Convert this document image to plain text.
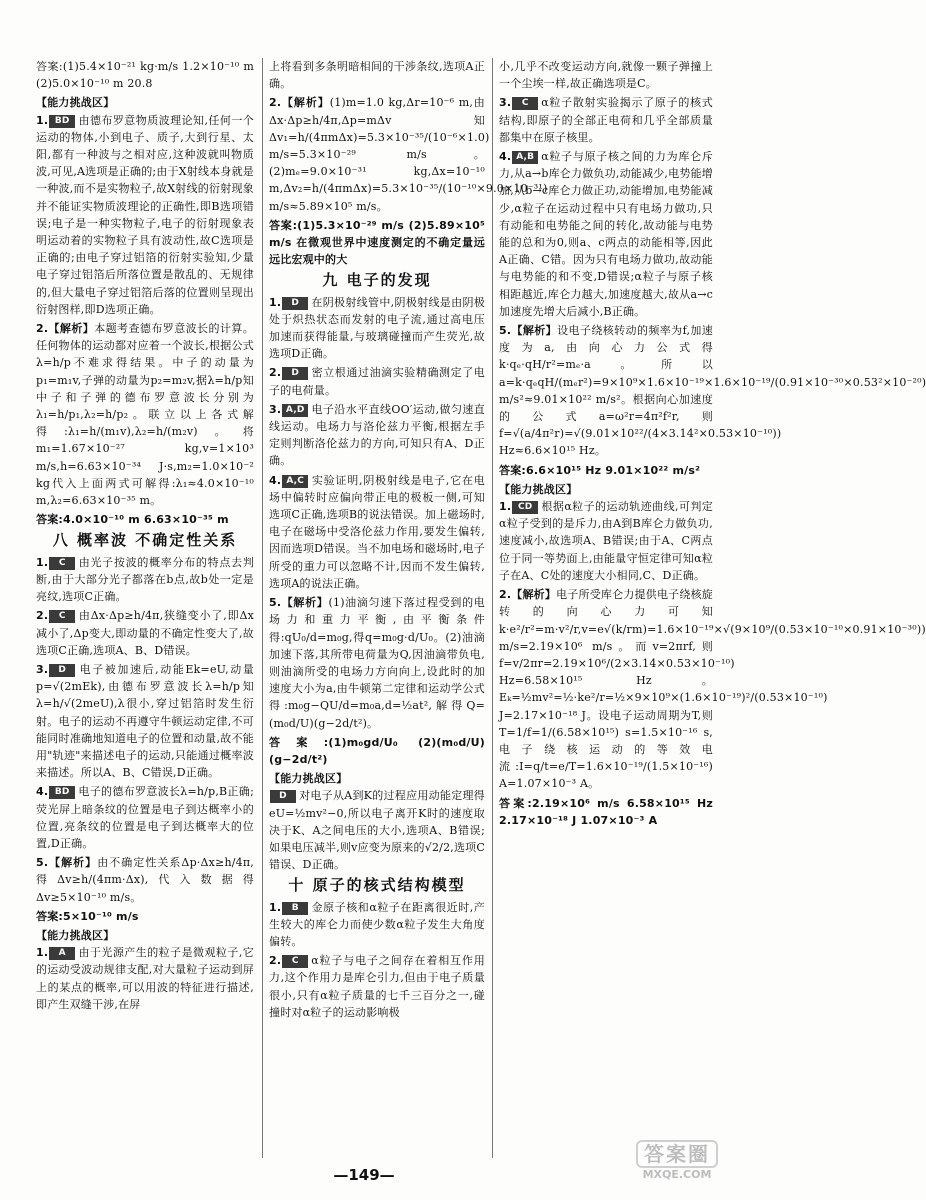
答案:(1)5.4×10⁻²¹ kg·m/s 1.2×10⁻¹⁰ m (2)5.0×10⁻¹⁰ m 20.8
【能力挑战区】
1. BD 由德布罗意物质波理论知,任何一个运动的物体,小到电子、质子,大到行星、太阳,都有一种波与之相对应,这种波就叫物质波,可见,A选项是正确的;由于X射线本身就是一种波,而不是实物粒子,故X射线的衍射现象并不能证实物质波理论的正确性,即B选项错误;电子是一种实物粒子,电子的衍射现象表明运动着的实物粒子具有波动性,故C选项是正确的;由电子穿过铝箔的衍射实验知,少量电子穿过铝箔后所落位置是散乱的、无规律的,但大量电子穿过铝箔后落的位置则呈现出衍射图样,即D选项正确。
2.【解析】本题考查德布罗意波长的计算。任何物体的运动都对应着一个波长,根据公式λ=h/p不难求得结果。中子的动量为p₁=m₁v,子弹的动量为p₂=m₂v,据λ=h/p知中子和子弹的德布罗意波长分别为λ₁=h/p₁,λ₂=h/p₂。联立以上各式解得:λ₁=h/(m₁v),λ₂=h/(m₂v)。将m₁=1.67×10⁻²⁷ kg,v=1×10³ m/s,h=6.63×10⁻³⁴ J·s,m₂=1.0×10⁻² kg代入上面两式可解得:λ₁≈4.0×10⁻¹⁰ m,λ₂=6.63×10⁻³⁵ m。
答案:4.0×10⁻¹⁰ m 6.63×10⁻³⁵ m
八 概率波 不确定性关系
1. C 由光子按波的概率分布的特点去判断,由于大部分光子都落在b点,故b处一定是亮纹,选项C正确。
2. C 由Δx·Δp≥h/4π,狭缝变小了,即Δx减小了,Δp变大,即动量的不确定性变大了,故选项C正确,选项A、B、D错误。
3. D 电子被加速后,动能Ek=eU,动量p=√(2mEk),由德布罗意波长λ=h/p知λ=h/√(2meU),λ很小,穿过铝箔时发生衍射。电子的运动不再遵守牛顿运动定律,不可能同时准确地知道电子的位置和动量,故不能用"轨迹"来描述电子的运动,只能通过概率波来描述。所以A、B、C错误,D正确。
4. BD 电子的德布罗意波长λ=h/p,B正确;荧光屏上暗条纹的位置是电子到达概率小的位置,亮条纹的位置是电子到达概率大的位置,D正确。
5.【解析】由不确定性关系Δp·Δx≥h/4π,得Δv≥h/(4πm·Δx),代入数据得Δv≥5×10⁻¹⁰ m/s。
答案:5×10⁻¹⁰ m/s
【能力挑战区】
1. A 由于光源产生的粒子是微观粒子,它的运动受波动规律支配,对大量粒子运动到屏上的某点的概率,可以用波的特征进行描述,即产生双缝干涉,在屏
上将看到多条明暗相间的干涉条纹,选项A正确。
2.【解析】(1)m=1.0 kg,Δr=10⁻⁶ m,由Δx·Δp≥h/4π,Δp=mΔv知Δv₁=h/(4πmΔx)=5.3×10⁻³⁵/(10⁻⁶×1.0) m/s=5.3×10⁻²⁹ m/s。(2)mₑ=9.0×10⁻³¹ kg,Δx=10⁻¹⁰ m,Δv₂=h/(4πmΔx)=5.3×10⁻³⁵/(10⁻¹⁰×9.0×10⁻³¹) m/s≈5.89×10⁵ m/s。
答案:(1)5.3×10⁻²⁹ m/s (2)5.89×10⁵ m/s 在微观世界中速度测定的不确定量远远比宏观中的大
九 电子的发现
1. D 在阴极射线管中,阴极射线是由阴极处于炽热状态而发射的电子流,通过高电压加速而获得能量,与玻璃碰撞而产生荧光,故选项D正确。
2. D 密立根通过油滴实验精确测定了电子的电荷量。
3. A,D 电子沿水平直线OO′运动,做匀速直线运动。电场力与洛伦兹力平衡,根据左手定则判断洛伦兹力的方向,可知只有A、D正确。
4. A,C 实验证明,阴极射线是电子,它在电场中偏转时应偏向带正电的极板一侧,可知选项C正确,选项B的说法错误。加上磁场时,电子在磁场中受洛伦兹力作用,要发生偏转,因而选项D错误。当不加电场和磁场时,电子所受的重力可以忽略不计,因而不发生偏转,选项A的说法正确。
5.【解析】(1)油滴匀速下落过程受到的电场力和重力平衡,由平衡条件得:qU₀/d=m₀g,得q=m₀g·d/U₀。(2)油滴加速下落,其所带电荷量为Q,因油滴带负电,则油滴所受的电场力方向向上,设此时的加速度大小为a,由牛顿第二定律和运动学公式得:m₀g−QU/d=m₀a,d=½at²,解得Q=(m₀d/U)(g−2d/t²)。
答案:(1)m₀gd/U₀ (2)(m₀d/U)(g−2d/t²)
【能力挑战区】
D 对电子从A到K的过程应用动能定理得eU=½mv²−0,所以电子离开K时的速度取决于K、A之间电压的大小,选项A、B错误;如果电压减半,则v应变为原来的√2/2,选项C错误、D正确。
十 原子的核式结构模型
1. B 金原子核和α粒子在距离很近时,产生较大的库仑力而使少数α粒子发生大角度偏转。
2. C α粒子与电子之间存在着相互作用力,这个作用力是库仑引力,但由于电子质量很小,只有α粒子质量的七千三百分之一,碰撞时对α粒子的运动影响极
小,几乎不改变运动方向,就像一颗子弹撞上一个尘埃一样,故正确选项是C。
3. C α粒子散射实验揭示了原子的核式结构,即原子的全部正电荷和几乎全部质量都集中在原子核里。
4. A,B α粒子与原子核之间的力为库仑斥力,从a→b库仑力做负功,动能减少,电势能增加,从b→c库仑力做正功,动能增加,电势能减少,α粒子在运动过程中只有电场力做功,只有动能和电势能之间的转化,故动能与电势能的总和为0,则a、c两点的动能相等,因此A正确、C错。因为只有电场力做功,故动能与电势能的和不变,D错误;α粒子与原子核相距越近,库仑力越大,加速度越大,故从a→c加速度先增大后减小,B正确。
5.【解析】设电子绕核转动的频率为f,加速度为a,由向心力公式得k·qₑ·qH/r²=mₑ·a。所以a=k·qₑqH/(mₑr²)=9×10⁹×1.6×10⁻¹⁹×1.6×10⁻¹⁹/(0.91×10⁻³⁰×0.53²×10⁻²⁰) m/s²≈9.01×10²² m/s²。根据向心加速度的公式a=ω²r=4π²f²r,则f=√(a/4π²r)=√(9.01×10²²/(4×3.14²×0.53×10⁻¹⁰)) Hz≈6.6×10¹⁵ Hz。
答案:6.6×10¹⁵ Hz 9.01×10²² m/s²
【能力挑战区】
1. CD 根据α粒子的运动轨迹曲线,可判定α粒子受到的是斥力,由A到B库仑力做负功,速度减小,故选项A、B错误;由于A、C两点位于同一等势面上,由能量守恒定律可知α粒子在A、C处的速度大小相同,C、D正确。
2.【解析】电子所受库仑力提供电子绕核旋转的向心力可知k·e²/r²=m·v²/r,v=e√(k/rm)=1.6×10⁻¹⁹×√(9×10⁹/(0.53×10⁻¹⁰×0.91×10⁻³⁰)) m/s=2.19×10⁶ m/s。而v=2πrf,则f=v/2πr=2.19×10⁶/(2×3.14×0.53×10⁻¹⁰) Hz=6.58×10¹⁵ Hz。Eₖ=½mv²=½·ke²/r=½×9×10⁹×(1.6×10⁻¹⁹)²/(0.53×10⁻¹⁰) J=2.17×10⁻¹⁸ J。设电子运动周期为T,则T=1/f=1/(6.58×10¹⁵) s=1.5×10⁻¹⁶ s,电子绕核运动的等效电流:I=q/t=e/T=1.6×10⁻¹⁹/(1.5×10⁻¹⁶) A=1.07×10⁻³ A。
答案:2.19×10⁶ m/s 6.58×10¹⁵ Hz 2.17×10⁻¹⁸ J 1.07×10⁻³ A
—149—
答案圈
MXQE.COM
